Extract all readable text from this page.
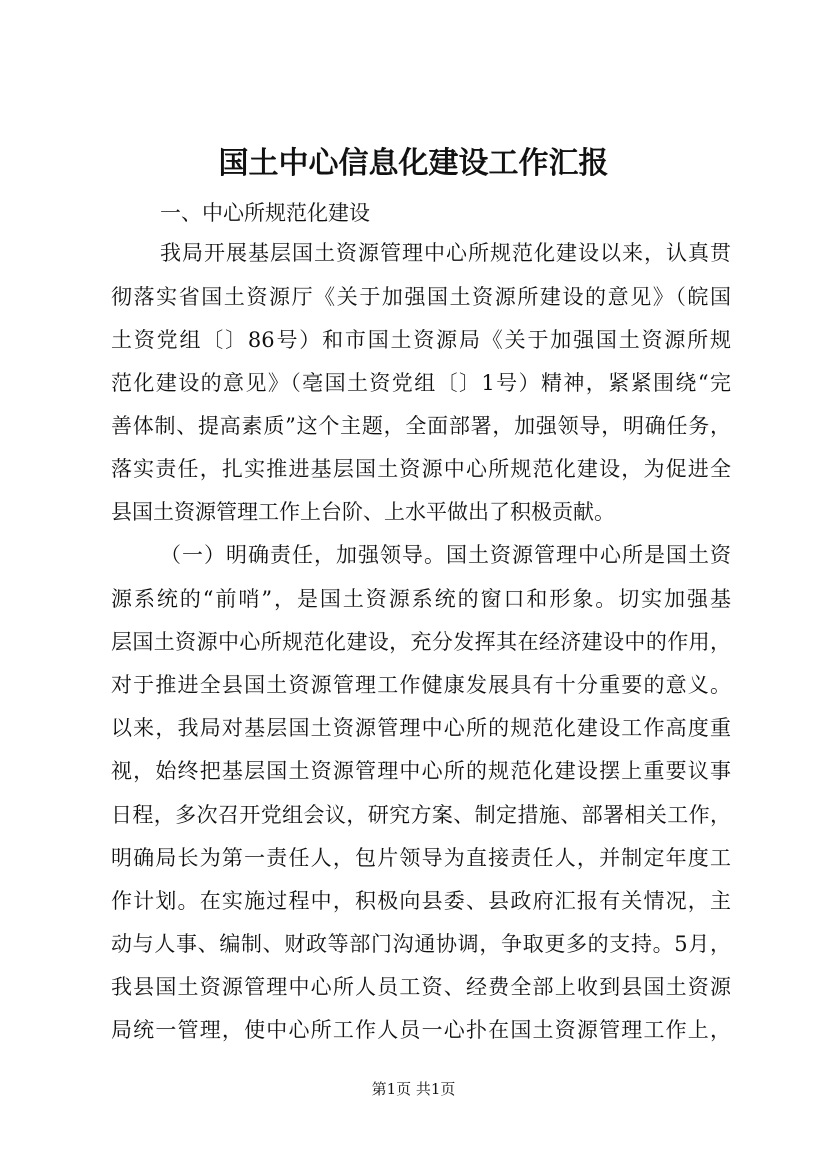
国土中心信息化建设工作汇报
一、中心所规范化建设
我局开展基层国土资源管理中心所规范化建设以来，认真贯
彻落实省国土资源厅《关于加强国土资源所建设的意见》（皖国
土资党组〔〕86号）和市国土资源局《关于加强国土资源所规
范化建设的意见》（亳国土资党组〔〕1号）精神，紧紧围绕“完
善体制、提高素质”这个主题，全面部署，加强领导，明确任务，
落实责任，扎实推进基层国土资源中心所规范化建设，为促进全
县国土资源管理工作上台阶、上水平做出了积极贡献。
（一）明确责任，加强领导。国土资源管理中心所是国土资
源系统的“前哨”，是国土资源系统的窗口和形象。切实加强基
层国土资源中心所规范化建设，充分发挥其在经济建设中的作用，
对于推进全县国土资源管理工作健康发展具有十分重要的意义。
以来，我局对基层国土资源管理中心所的规范化建设工作高度重
视，始终把基层国土资源管理中心所的规范化建设摆上重要议事
日程，多次召开党组会议，研究方案、制定措施、部署相关工作，
明确局长为第一责任人，包片领导为直接责任人，并制定年度工
作计划。在实施过程中，积极向县委、县政府汇报有关情况，主
动与人事、编制、财政等部门沟通协调，争取更多的支持。5月，
我县国土资源管理中心所人员工资、经费全部上收到县国土资源
局统一管理，使中心所工作人员一心扑在国土资源管理工作上，
第1页 共1页
